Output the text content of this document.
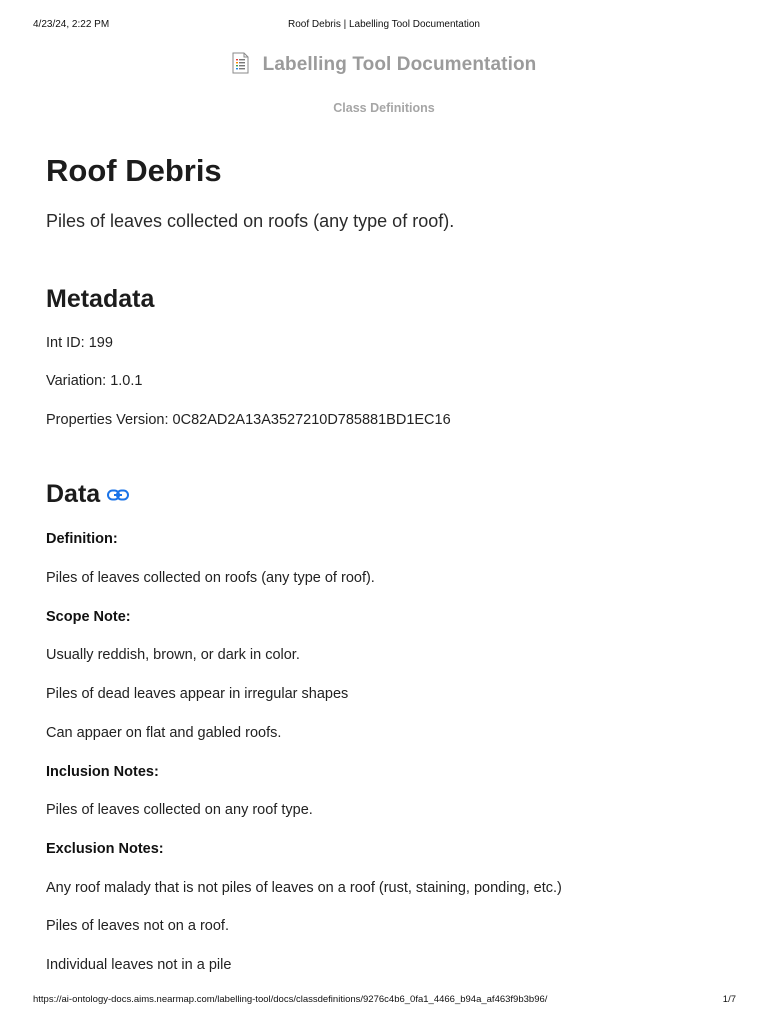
4/23/24, 2:22 PM	Roof Debris | Labelling Tool Documentation
Labelling Tool Documentation
Class Definitions
Roof Debris

Piles of leaves collected on roofs (any type of roof).

Metadata

Int ID: 199

Variation: 1.0.1

Properties Version: 0C82AD2A13A3527210D785881BD1EC16

Data

Definition:

Piles of leaves collected on roofs (any type of roof).

Scope Note:

Usually reddish, brown, or dark in color.

Piles of dead leaves appear in irregular shapes

Can appaer on flat and gabled roofs.

Inclusion Notes:

Piles of leaves collected on any roof type.

Exclusion Notes:

Any roof malady that is not piles of leaves on a roof (rust, staining, ponding, etc.)

Piles of leaves not on a roof.

Individual leaves not in a pile

https://ai-ontology-docs.aims.nearmap.com/labelling-tool/docs/classdefinitions/9276c4b6_0fa1_4466_b94a_af463f9b3b96/	1/7
